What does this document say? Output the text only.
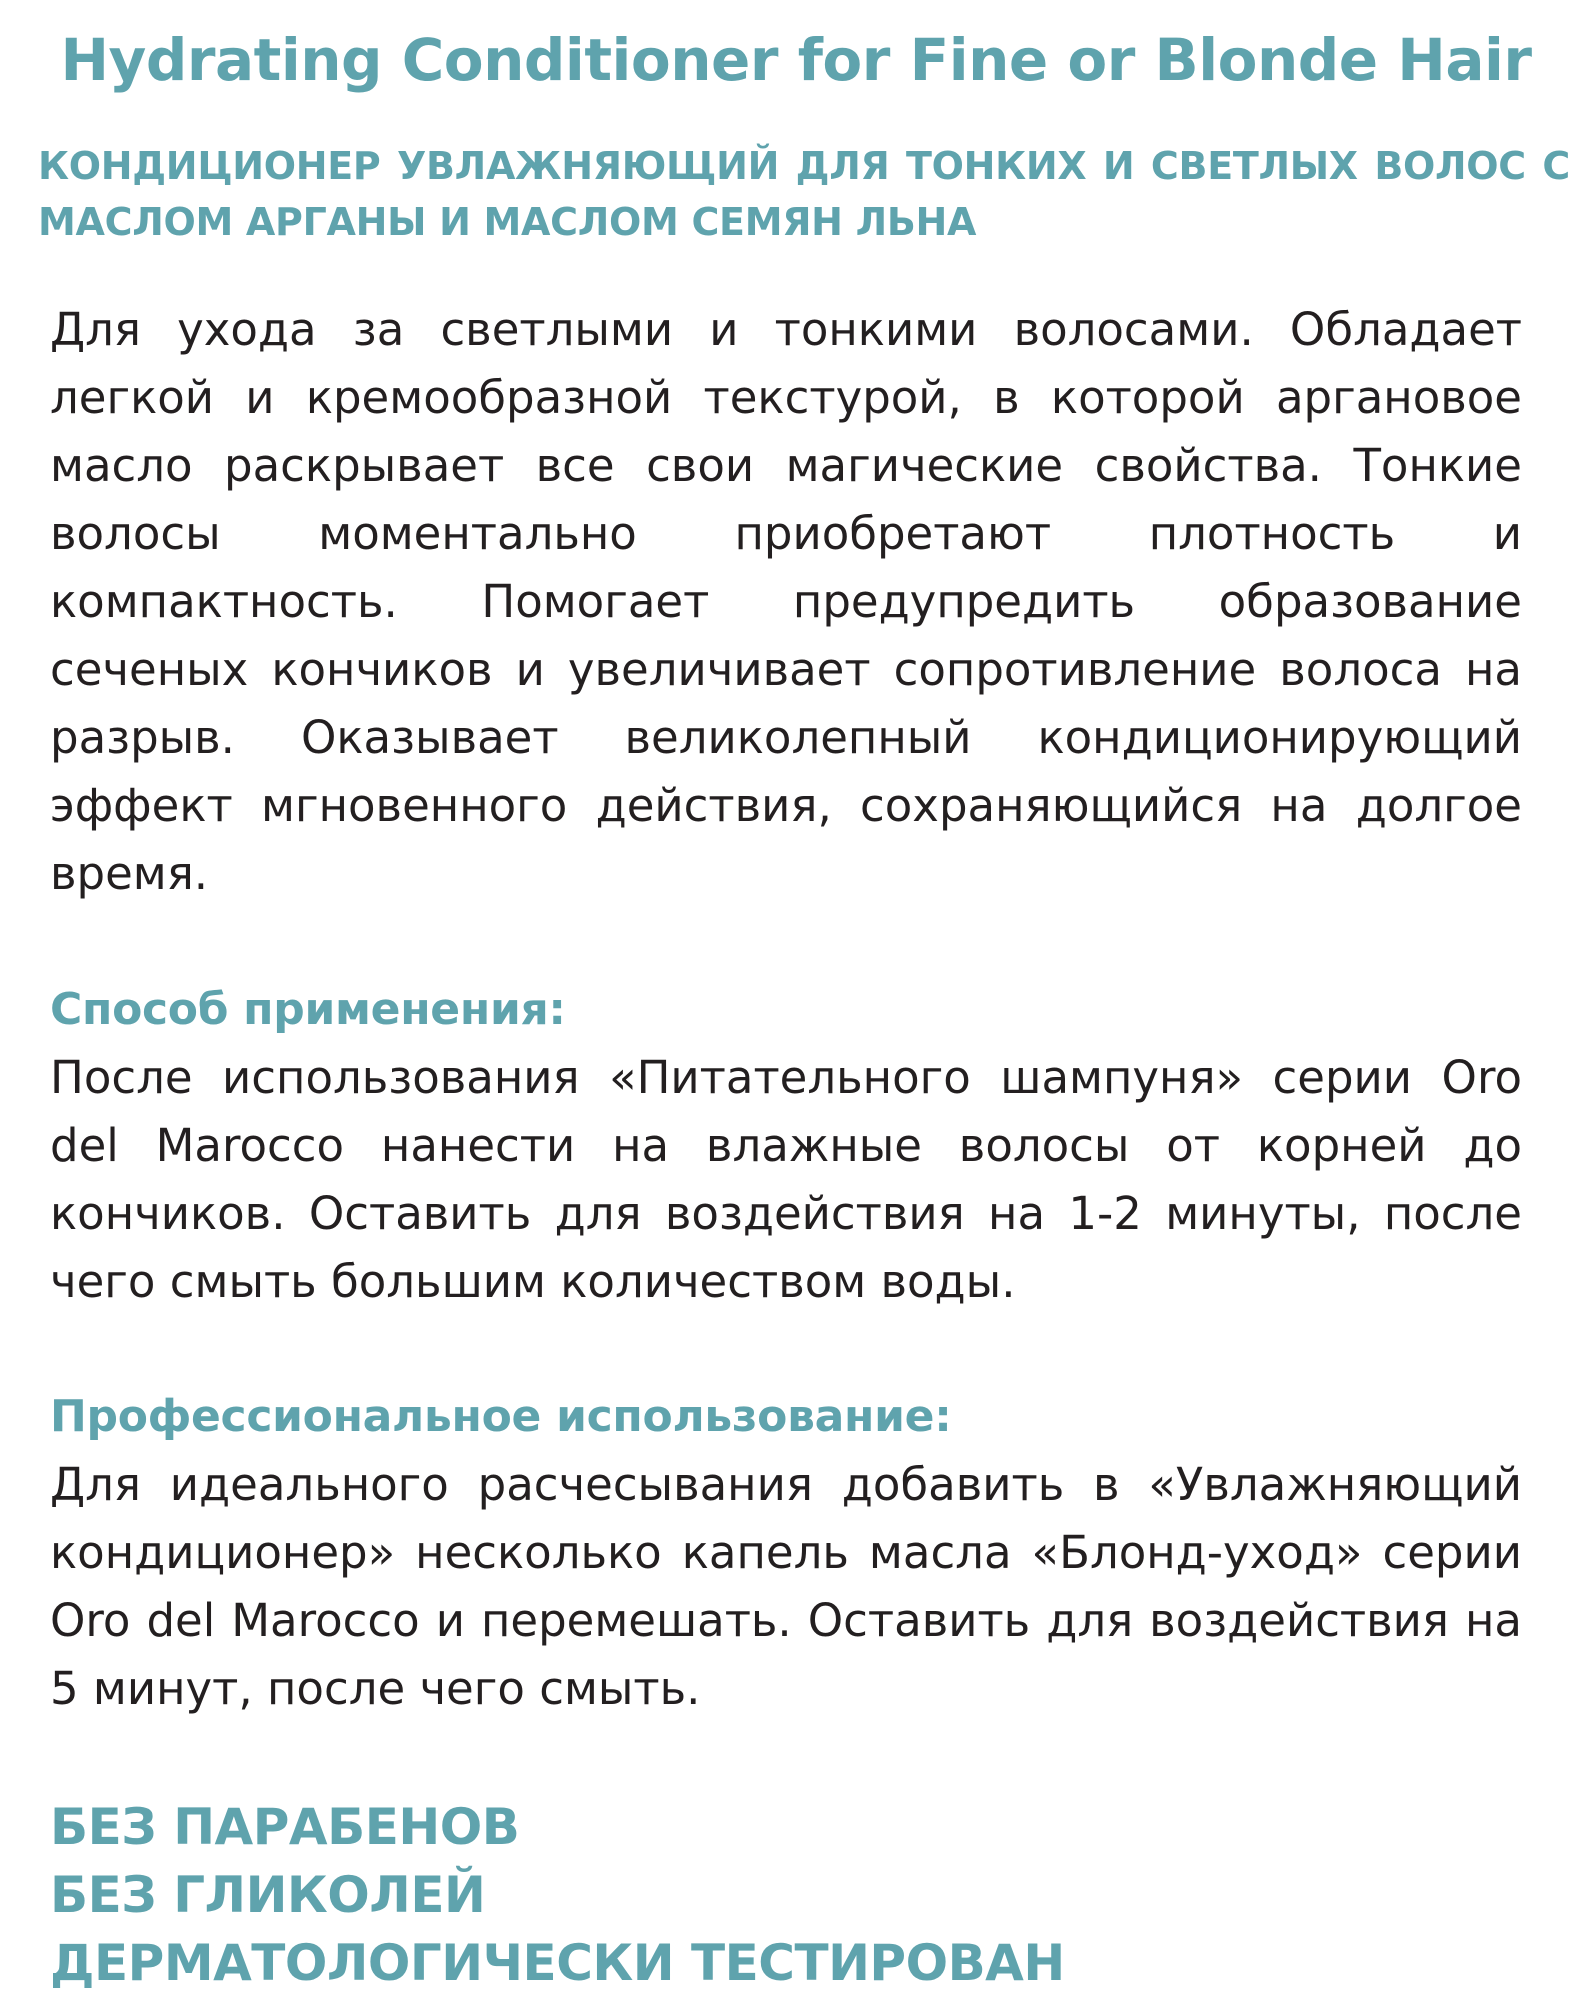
Hydrating Conditioner for Fine or Blonde Hair
КОНДИЦИОНЕР УВЛАЖНЯЮЩИЙ ДЛЯ ТОНКИХ И СВЕТЛЫХ ВОЛОС С МАСЛОМ АРГАНЫ И МАСЛОМ СЕМЯН ЛЬНА

Для ухода за светлыми и тонкими волосами. Обладает легкой и кремообразной текстурой, в которой аргановое масло раскрывает все свои магические свойства. Тонкие волосы моментально приобретают плотность и компактность. Помогает предупредить образование сеченых кончиков и увеличивает сопротивление волоса на разрыв. Оказывает великолепный кондиционирующий эффект мгновенного действия, сохраняющийся на долгое время.

Способ применения:

После использования «Питательного шампуня» серии Oro del Marocco нанести на влажные волосы от корней до кончиков. Оставить для воздействия на 1-2 минуты, после чего смыть большим количеством воды.

Профессиональное использование:

Для идеального расчесывания добавить в «Увлажняющий кондиционер» несколько капель масла «Блонд-уход» серии Oro del Marocco и перемешать. Оставить для воздействия на 5 минут, после чего смыть.

БЕЗ ПАРАБЕНОВ
БЕЗ ГЛИКОЛЕЙ
ДЕРМАТОЛОГИЧЕСКИ ТЕСТИРОВАН
